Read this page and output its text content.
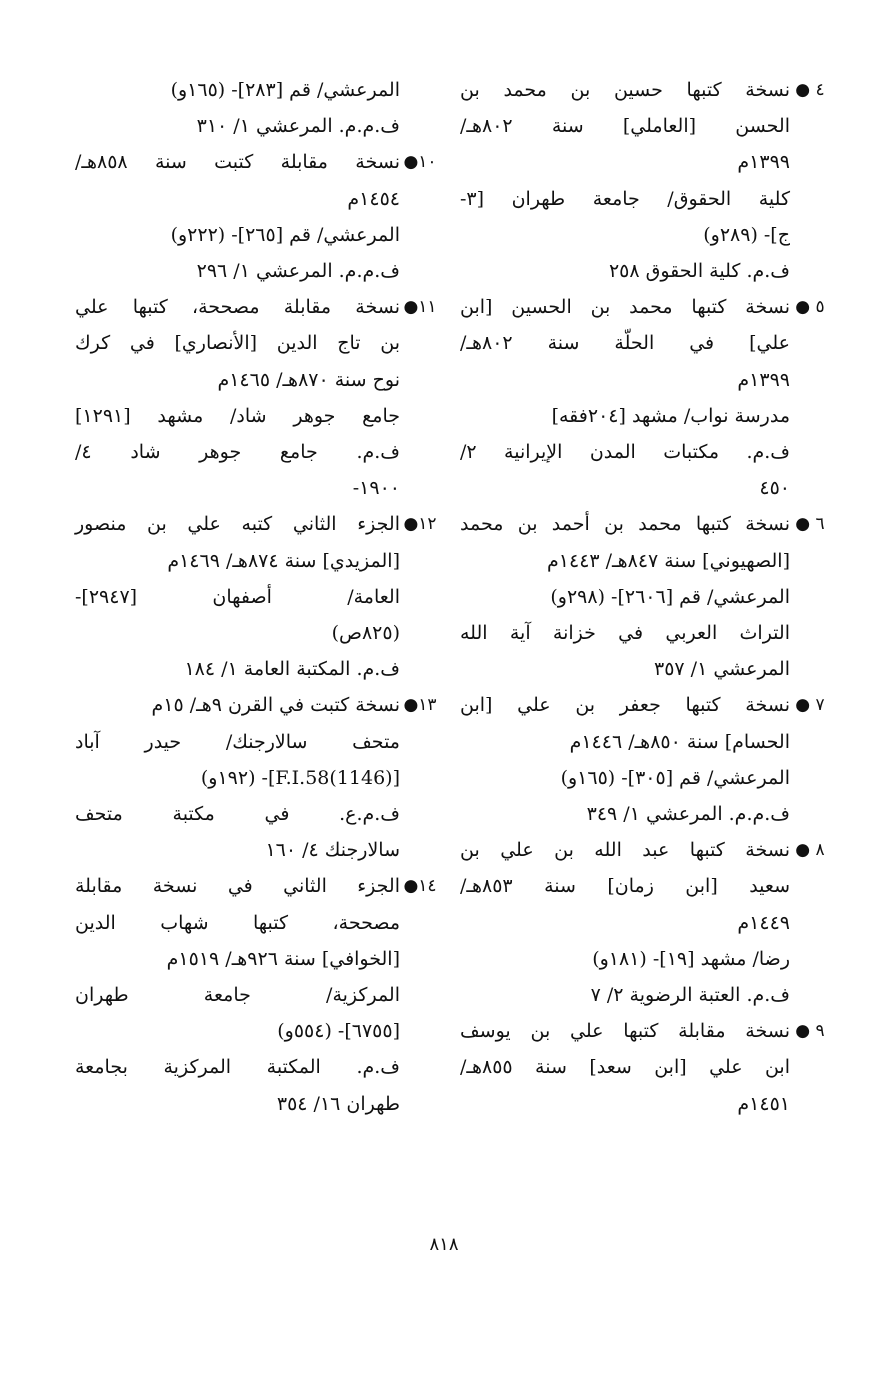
٤ ●
نسخة كتبها حسين بن محمد بن
الحسن [العاملي] سنة ٨٠٢هـ/
١٣٩٩م
كلية الحقوق/ جامعة طهران [٣-
ج]- (٢٨٩و)
ف.م. كلية الحقوق ٢٥٨
٥ ●
نسخة كتبها محمد بن الحسين [ابن
علي] في الحلّة سنة ٨٠٢هـ/
١٣٩٩م
مدرسة نواب/ مشهد [٢٠٤فقه]
ف.م. مكتبات المدن الإيرانية ٢/
٤٥٠
٦ ●
نسخة كتبها محمد بن أحمد بن محمد
[الصهيوني] سنة ٨٤٧هـ/ ١٤٤٣م
المرعشي/ قم [٢٦٠٦]- (٢٩٨و)
التراث العربي في خزانة آية الله
المرعشي ١/ ٣٥٧
٧ ●
نسخة كتبها جعفر بن علي [ابن
الحسام] سنة ٨٥٠هـ/ ١٤٤٦م
المرعشي/ قم [٣٠٥]- (١٦٥و)
ف.م.م. المرعشي ١/ ٣٤٩
٨ ●
نسخة كتبها عبد الله بن علي بن
سعيد [ابن زمان] سنة ٨٥٣هـ/
١٤٤٩م
رضا/ مشهد [١٩]- (١٨١و)
ف.م. العتبة الرضوية ٢/ ٧
٩ ●
نسخة مقابلة كتبها علي بن يوسف
ابن علي [ابن سعد] سنة ٨٥٥هـ/
١٤٥١م
المرعشي/ قم [٢٨٣]- (١٦٥و)
ف.م.م. المرعشي ١/ ٣١٠
١٠●
نسخة مقابلة كتبت سنة ٨٥٨هـ/
١٤٥٤م
المرعشي/ قم [٢٦٥]- (٢٢٢و)
ف.م.م. المرعشي ١/ ٢٩٦
١١●
نسخة مقابلة مصححة، كتبها علي
بن تاج الدين [الأنصاري] في كرك
نوح سنة ٨٧٠هـ/ ١٤٦٥م
جامع جوهر شاد/ مشهد [١٢٩١]
ف.م. جامع جوهر شاد ٤/
١٩٠٠-
١٢●
الجزء الثاني كتبه علي بن منصور
[المزيدي] سنة ٨٧٤هـ/ ١٤٦٩م
العامة/ أصفهان [٢٩٤٧]-
(٨٢٥ص)
ف.م. المكتبة العامة ١/ ١٨٤
١٣●
نسخة كتبت في القرن ٩هـ/ ١٥م
متحف سالارجنك/ حيدر آباد
[(1146)F.I.58]- (١٩٢و)
ف.م.ع. في مكتبة متحف
سالارجنك ٤/ ١٦٠
١٤●
الجزء الثاني في نسخة مقابلة
مصححة، كتبها شهاب الدين
[الخوافي] سنة ٩٢٦هـ/ ١٥١٩م
المركزية/ جامعة طهران
[٦٧٥٥]- (٥٥٤و)
ف.م. المكتبة المركزية بجامعة
طهران ١٦/ ٣٥٤
٨١٨
